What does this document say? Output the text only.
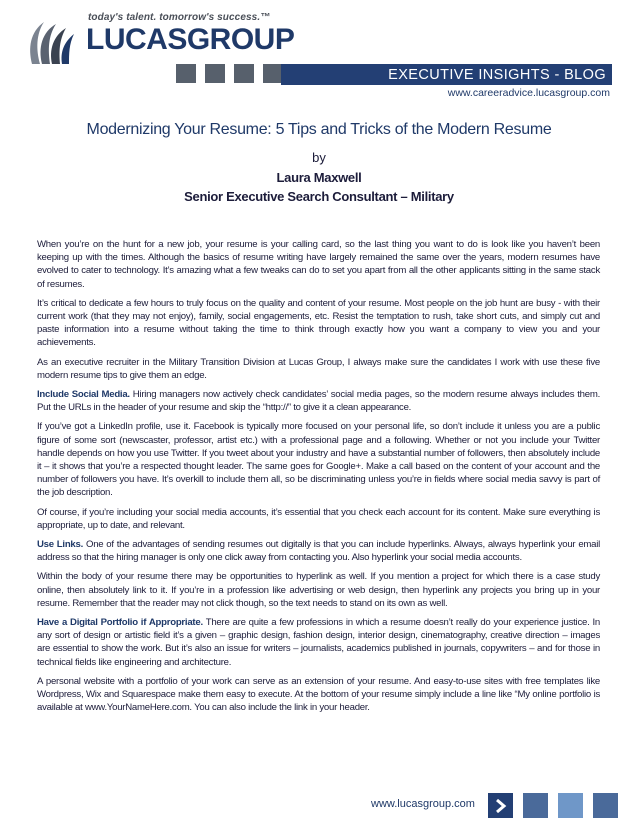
today's talent. tomorrow's success.™
LUCASGROUP
EXECUTIVE INSIGHTS - BLOG
www.careeradvice.lucasgroup.com
Modernizing Your Resume: 5 Tips and Tricks of the Modern Resume
by
Laura Maxwell
Senior Executive Search Consultant – Military

When you’re on the hunt for a new job, your resume is your calling card, so the last thing you want to do is look like you haven’t been keeping up with the times. Although the basics of resume writing have largely remained the same over the years, modern resumes have evolved to cater to technology. It’s amazing what a few tweaks can do to set you apart from all the other applicants sitting in the same stack of resumes.

It’s critical to dedicate a few hours to truly focus on the quality and content of your resume. Most people on the job hunt are busy - with their current work (that they may not enjoy), family, social engagements, etc. Resist the temptation to rush, take short cuts, and simply cut and paste information into a resume without taking the time to think through exactly how you want a company to view you and your achievements.

As an executive recruiter in the Military Transition Division at Lucas Group, I always make sure the candidates I work with use these five modern resume tips to give them an edge.

Include Social Media. Hiring managers now actively check candidates’ social media pages, so the modern resume always includes them. Put the URLs in the header of your resume and skip the “http://” to give it a clean appearance.

If you’ve got a LinkedIn profile, use it. Facebook is typically more focused on your personal life, so don’t include it unless you are a public figure of some sort (newscaster, professor, artist etc.) with a professional page and a following. Whether or not you include your Twitter handle depends on how you use Twitter. If you tweet about your industry and have a substantial number of followers, then absolutely include it – it shows that you’re a respected thought leader. The same goes for Google+. Make a call based on the content of your account and the number of followers you have. It’s overkill to include them all, so be discriminating unless you’re in fields where social media savvy is part of the job description.

Of course, if you’re including your social media accounts, it’s essential that you check each account for its content. Make sure everything is appropriate, up to date, and relevant.

Use Links. One of the advantages of sending resumes out digitally is that you can include hyperlinks. Always, always hyperlink your email address so that the hiring manager is only one click away from contacting you. Also hyperlink your social media accounts.

Within the body of your resume there may be opportunities to hyperlink as well. If you mention a project for which there is a case study online, then absolutely link to it. If you’re in a profession like advertising or web design, then hyperlink any projects you bring up in your resume. Remember that the reader may not click though, so the text needs to stand on its own as well.

Have a Digital Portfolio if Appropriate. There are quite a few professions in which a resume doesn’t really do your experience justice. In any sort of design or artistic field it’s a given – graphic design, fashion design, interior design, cinematography, creative direction – images are essential to show the work. But it’s also an issue for writers – journalists, academics published in journals, copywriters – and for those in technical fields like engineering and architecture.

A personal website with a portfolio of your work can serve as an extension of your resume. And easy-to-use sites with free templates like Wordpress, Wix and Squarespace make them easy to execute. At the bottom of your resume simply include a line like “My online portfolio is available at www.YourNameHere.com. You can also include the link in your header.

www.lucasgroup.com
